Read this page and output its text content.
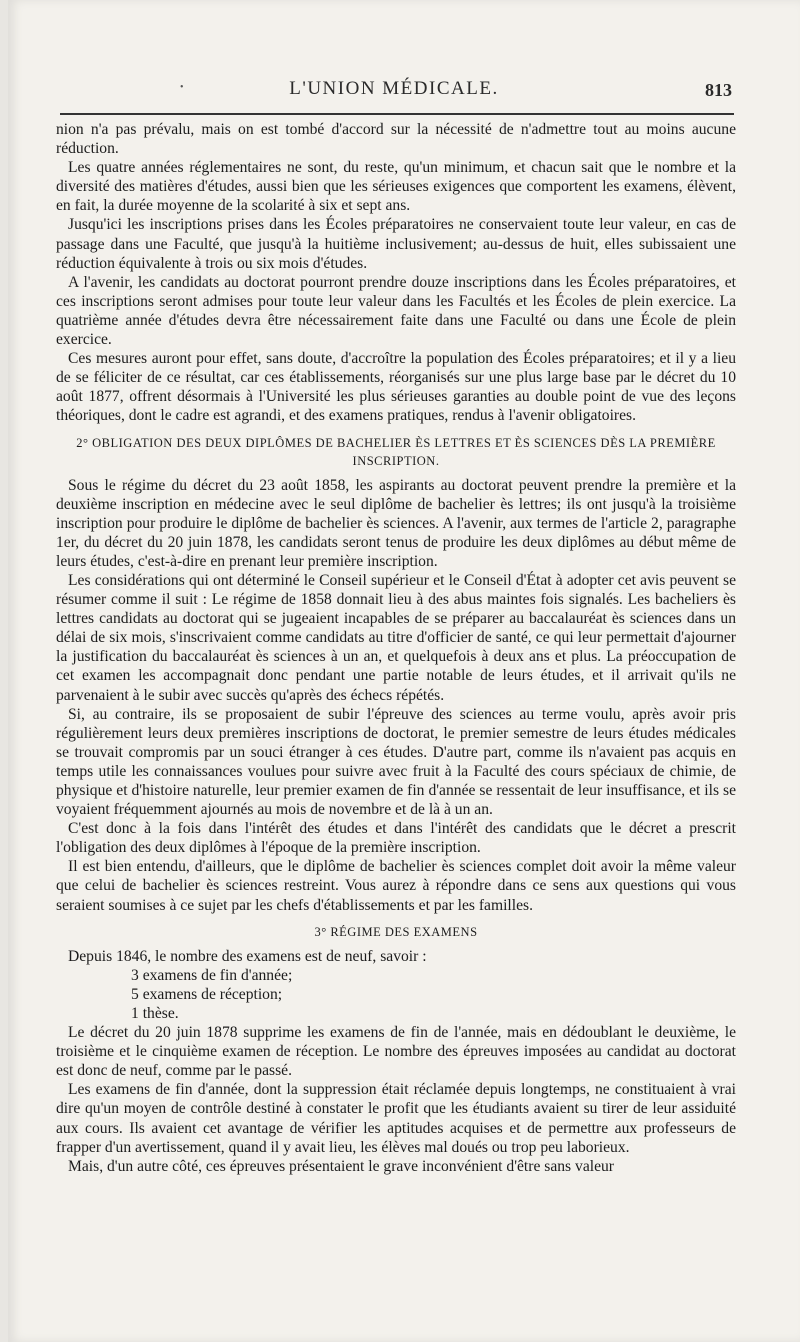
•	L'UNION MÉDICALE.	813

nion n'a pas prévalu, mais on est tombé d'accord sur la nécessité de n'admettre tout au moins aucune réduction.

Les quatre années réglementaires ne sont, du reste, qu'un minimum, et chacun sait que le nombre et la diversité des matières d'études, aussi bien que les sérieuses exigences que comportent les examens, élèvent, en fait, la durée moyenne de la scolarité à six et sept ans.

Jusqu'ici les inscriptions prises dans les Écoles préparatoires ne conservaient toute leur valeur, en cas de passage dans une Faculté, que jusqu'à la huitième inclusivement; au-dessus de huit, elles subissaient une réduction équivalente à trois ou six mois d'études.

A l'avenir, les candidats au doctorat pourront prendre douze inscriptions dans les Écoles préparatoires, et ces inscriptions seront admises pour toute leur valeur dans les Facultés et les Écoles de plein exercice. La quatrième année d'études devra être nécessairement faite dans une Faculté ou dans une École de plein exercice.

Ces mesures auront pour effet, sans doute, d'accroître la population des Écoles préparatoires; et il y a lieu de se féliciter de ce résultat, car ces établissements, réorganisés sur une plus large base par le décret du 10 août 1877, offrent désormais à l'Université les plus sérieuses garanties au double point de vue des leçons théoriques, dont le cadre est agrandi, et des examens pratiques, rendus à l'avenir obligatoires.

2° OBLIGATION DES DEUX DIPLÔMES DE BACHELIER ÈS LETTRES ET ÈS SCIENCES DÈS LA PREMIÈRE INSCRIPTION.

Sous le régime du décret du 23 août 1858, les aspirants au doctorat peuvent prendre la première et la deuxième inscription en médecine avec le seul diplôme de bachelier ès lettres; ils ont jusqu'à la troisième inscription pour produire le diplôme de bachelier ès sciences. A l'avenir, aux termes de l'article 2, paragraphe 1er, du décret du 20 juin 1878, les candidats seront tenus de produire les deux diplômes au début même de leurs études, c'est-à-dire en prenant leur première inscription.

Les considérations qui ont déterminé le Conseil supérieur et le Conseil d'État à adopter cet avis peuvent se résumer comme il suit : Le régime de 1858 donnait lieu à des abus maintes fois signalés. Les bacheliers ès lettres candidats au doctorat qui se jugeaient incapables de se préparer au baccalauréat ès sciences dans un délai de six mois, s'inscrivaient comme candidats au titre d'officier de santé, ce qui leur permettait d'ajourner la justification du baccalauréat ès sciences à un an, et quelquefois à deux ans et plus. La préoccupation de cet examen les accompagnait donc pendant une partie notable de leurs études, et il arrivait qu'ils ne parvenaient à le subir avec succès qu'après des échecs répétés.

Si, au contraire, ils se proposaient de subir l'épreuve des sciences au terme voulu, après avoir pris régulièrement leurs deux premières inscriptions de doctorat, le premier semestre de leurs études médicales se trouvait compromis par un souci étranger à ces études. D'autre part, comme ils n'avaient pas acquis en temps utile les connaissances voulues pour suivre avec fruit à la Faculté des cours spéciaux de chimie, de physique et d'histoire naturelle, leur premier examen de fin d'année se ressentait de leur insuffisance, et ils se voyaient fréquemment ajournés au mois de novembre et de là à un an.

C'est donc à la fois dans l'intérêt des études et dans l'intérêt des candidats que le décret a prescrit l'obligation des deux diplômes à l'époque de la première inscription.

Il est bien entendu, d'ailleurs, que le diplôme de bachelier ès sciences complet doit avoir la même valeur que celui de bachelier ès sciences restreint. Vous aurez à répondre dans ce sens aux questions qui vous seraient soumises à ce sujet par les chefs d'établissements et par les familles.

3° RÉGIME DES EXAMENS

Depuis 1846, le nombre des examens est de neuf, savoir :

3 examens de fin d'année;

5 examens de réception;

1 thèse.

Le décret du 20 juin 1878 supprime les examens de fin de l'année, mais en dédoublant le deuxième, le troisième et le cinquième examen de réception. Le nombre des épreuves imposées au candidat au doctorat est donc de neuf, comme par le passé.

Les examens de fin d'année, dont la suppression était réclamée depuis longtemps, ne constituaient à vrai dire qu'un moyen de contrôle destiné à constater le profit que les étudiants avaient su tirer de leur assiduité aux cours. Ils avaient cet avantage de vérifier les aptitudes acquises et de permettre aux professeurs de frapper d'un avertissement, quand il y avait lieu, les élèves mal doués ou trop peu laborieux.

Mais, d'un autre côté, ces épreuves présentaient le grave inconvénient d'être sans valeur
